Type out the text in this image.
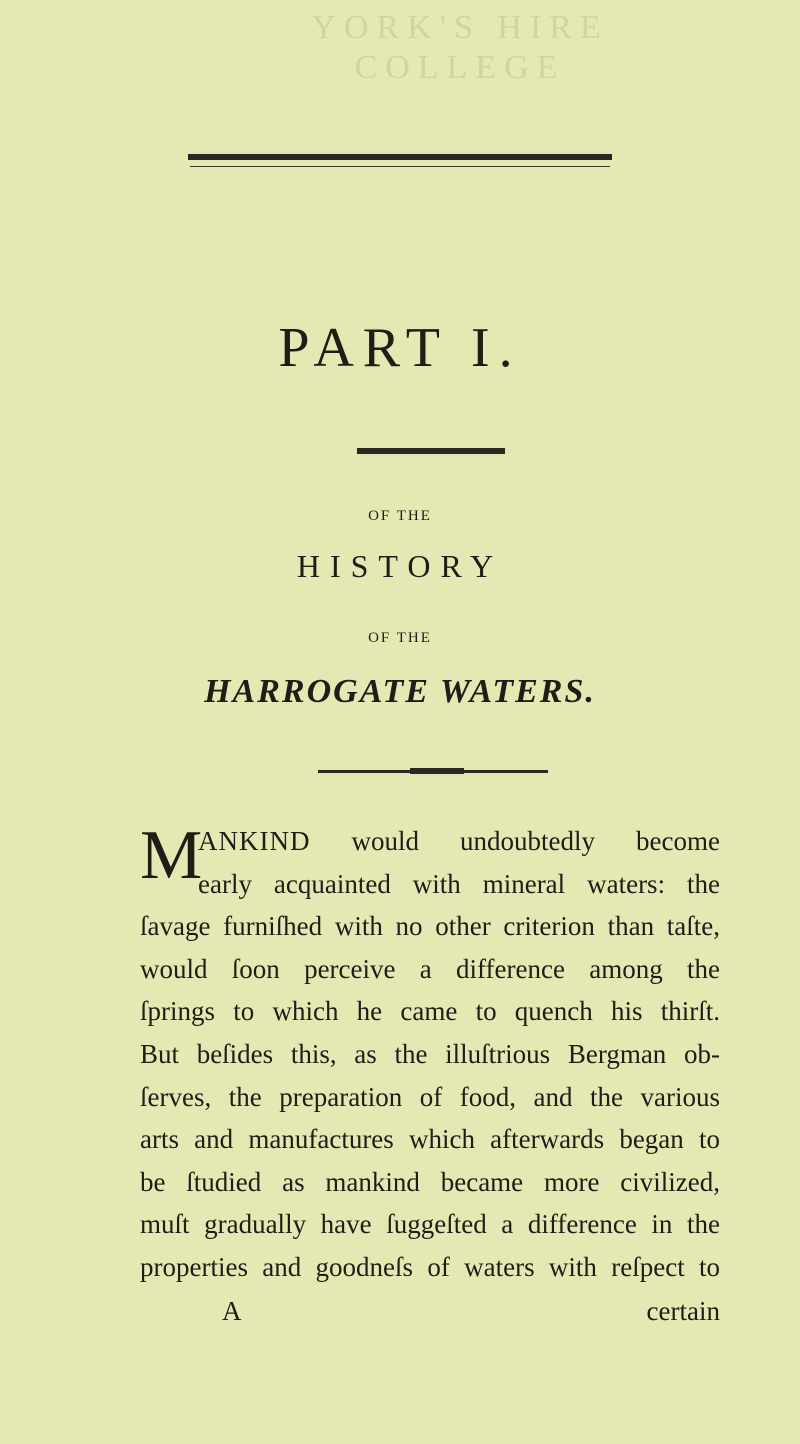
YORK'S HIRE
COLLEGE
PART I.
OF THE
HISTORY
OF THE
HARROGATE WATERS.
M
ANKIND would undoubtedly become
early acquainted with mineral waters: the
ſavage furniſhed with no other criterion than taſte,
would ſoon perceive a difference among the
ſprings to which he came to quench his thirſt.
But beſides this, as the illuſtrious Bergman ob-
ſerves, the preparation of food, and the various
arts and manufactures which afterwards began to
be ſtudied as mankind became more civilized,
muſt gradually have ſuggeſted a difference in the
properties and goodneſs of waters with reſpect to
A	certain
